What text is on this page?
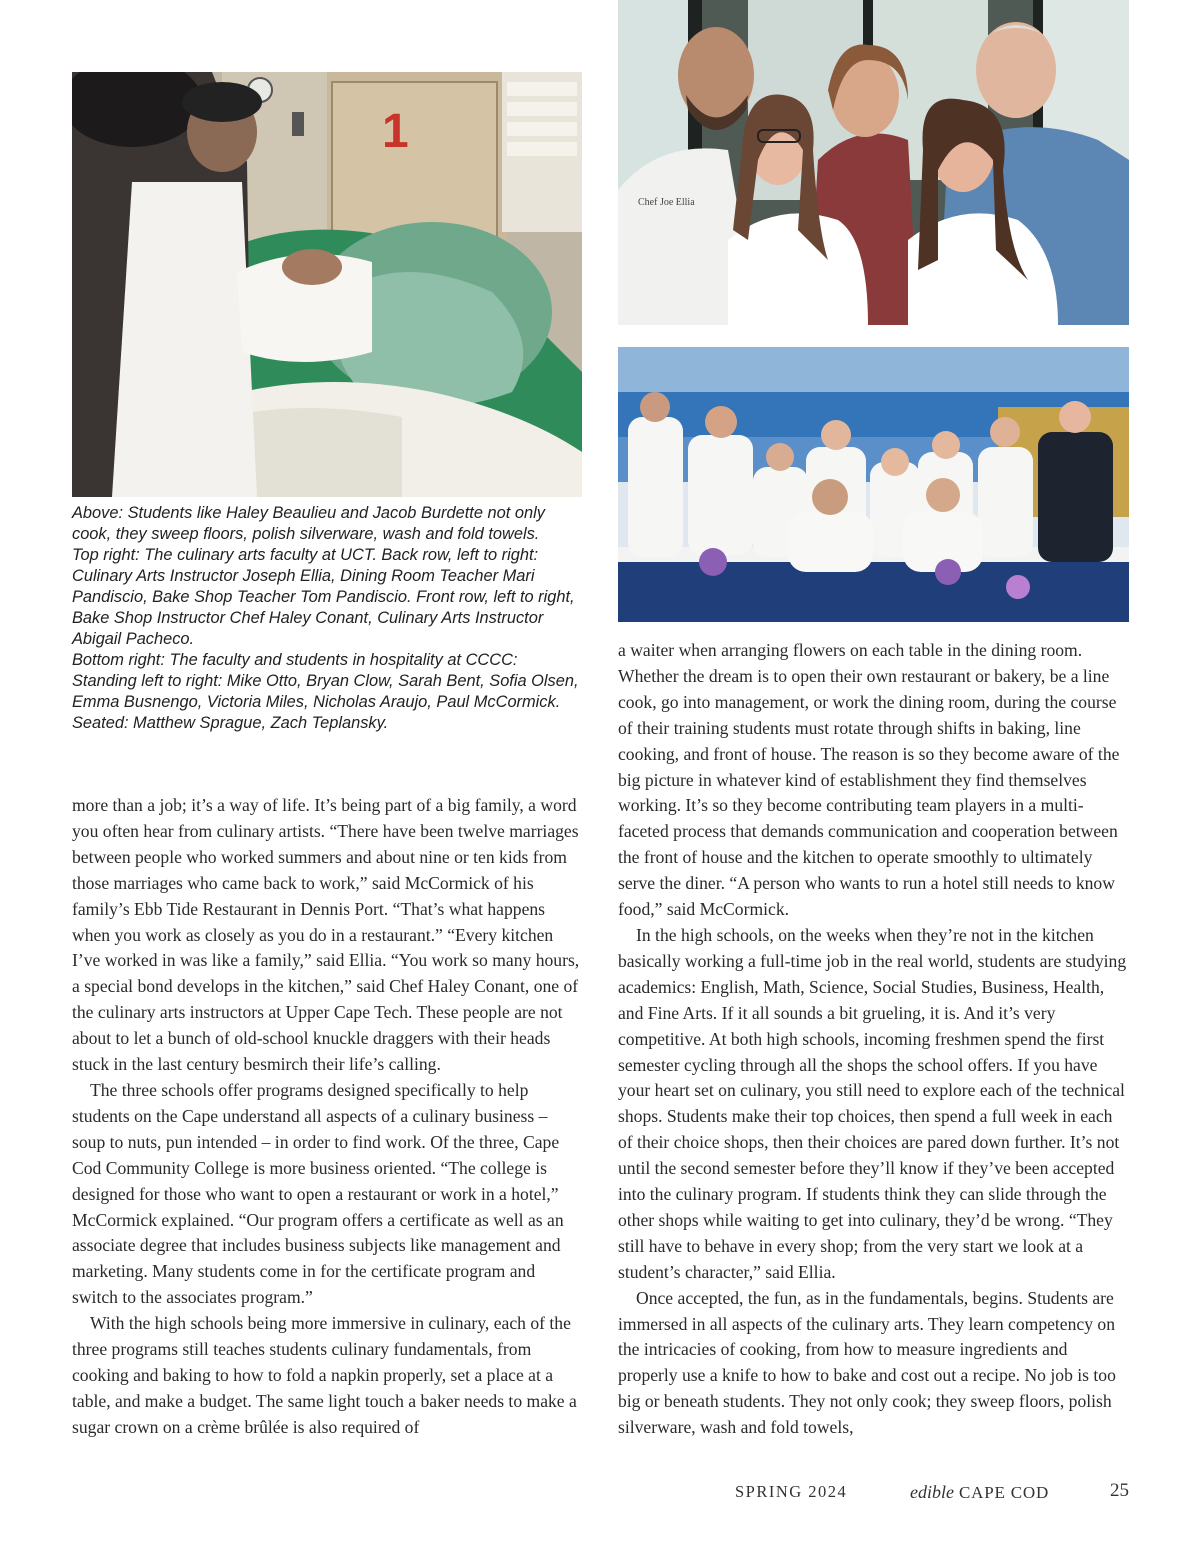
1
Chef Joe Ellia

Above: Students like Haley Beaulieu and Jacob Burdette not only cook, they sweep floors, polish silverware, wash and fold towels.

Top right: The culinary arts faculty at UCT. Back row, left to right: Culinary Arts Instructor Joseph Ellia, Dining Room Teacher Mari Pandiscio, Bake Shop Teacher Tom Pandiscio. Front row, left to right, Bake Shop Instructor Chef Haley Conant, Culinary Arts Instructor Abigail Pacheco.

Bottom right: The faculty and students in hospitality at CCCC: Standing left to right: Mike Otto, Bryan Clow, Sarah Bent, Sofia Olsen, Emma Busnengo, Victoria Miles, Nicholas Araujo, Paul McCormick. Seated: Matthew Sprague, Zach Teplansky.

more than a job; it’s a way of life. It’s being part of a big family, a word you often hear from culinary artists. “There have been twelve marriages between people who worked summers and about nine or ten kids from those marriages who came back to work,” said McCormick of his family’s Ebb Tide Restaurant in Dennis Port. “That’s what happens when you work as closely as you do in a restaurant.” “Every kitchen I’ve worked in was like a family,” said Ellia. “You work so many hours, a special bond develops in the kitchen,” said Chef Haley Conant, one of the culinary arts instructors at Upper Cape Tech. These people are not about to let a bunch of old-school knuckle draggers with their heads stuck in the last century besmirch their life’s calling.

The three schools offer programs designed specifically to help students on the Cape understand all aspects of a culinary business – soup to nuts, pun intended – in order to find work. Of the three, Cape Cod Community College is more business oriented. “The college is designed for those who want to open a restaurant or work in a hotel,” McCormick explained. “Our program offers a certificate as well as an associate degree that includes business subjects like management and marketing. Many students come in for the certificate program and switch to the associates program.”

With the high schools being more immersive in culinary, each of the three programs still teaches students culinary fundamentals, from cooking and baking to how to fold a napkin properly, set a place at a table, and make a budget. The same light touch a baker needs to make a sugar crown on a crème brûlée is also required of

a waiter when arranging flowers on each table in the dining room. Whether the dream is to open their own restaurant or bakery, be a line cook, go into management, or work the dining room, during the course of their training students must rotate through shifts in baking, line cooking, and front of house. The reason is so they become aware of the big picture in whatever kind of establishment they find themselves working. It’s so they become contributing team players in a multi-faceted process that demands communication and cooperation between the front of house and the kitchen to operate smoothly to ultimately serve the diner. “A person who wants to run a hotel still needs to know food,” said McCormick.

In the high schools, on the weeks when they’re not in the kitchen basically working a full-time job in the real world, students are studying academics: English, Math, Science, Social Studies, Business, Health, and Fine Arts. If it all sounds a bit grueling, it is. And it’s very competitive. At both high schools, incoming freshmen spend the first semester cycling through all the shops the school offers. If you have your heart set on culinary, you still need to explore each of the technical shops. Students make their top choices, then spend a full week in each of their choice shops, then their choices are pared down further. It’s not until the second semester before they’ll know if they’ve been accepted into the culinary program. If students think they can slide through the other shops while waiting to get into culinary, they’d be wrong. “They still have to behave in every shop; from the very start we look at a student’s character,” said Ellia.

Once accepted, the fun, as in the fundamentals, begins. Students are immersed in all aspects of the culinary arts. They learn competency on the intricacies of cooking, from how to measure ingredients and properly use a knife to how to bake and cost out a recipe. No job is too big or beneath students. They not only cook; they sweep floors, polish silverware, wash and fold towels,

SPRING 2024	edible CAPE COD	25
